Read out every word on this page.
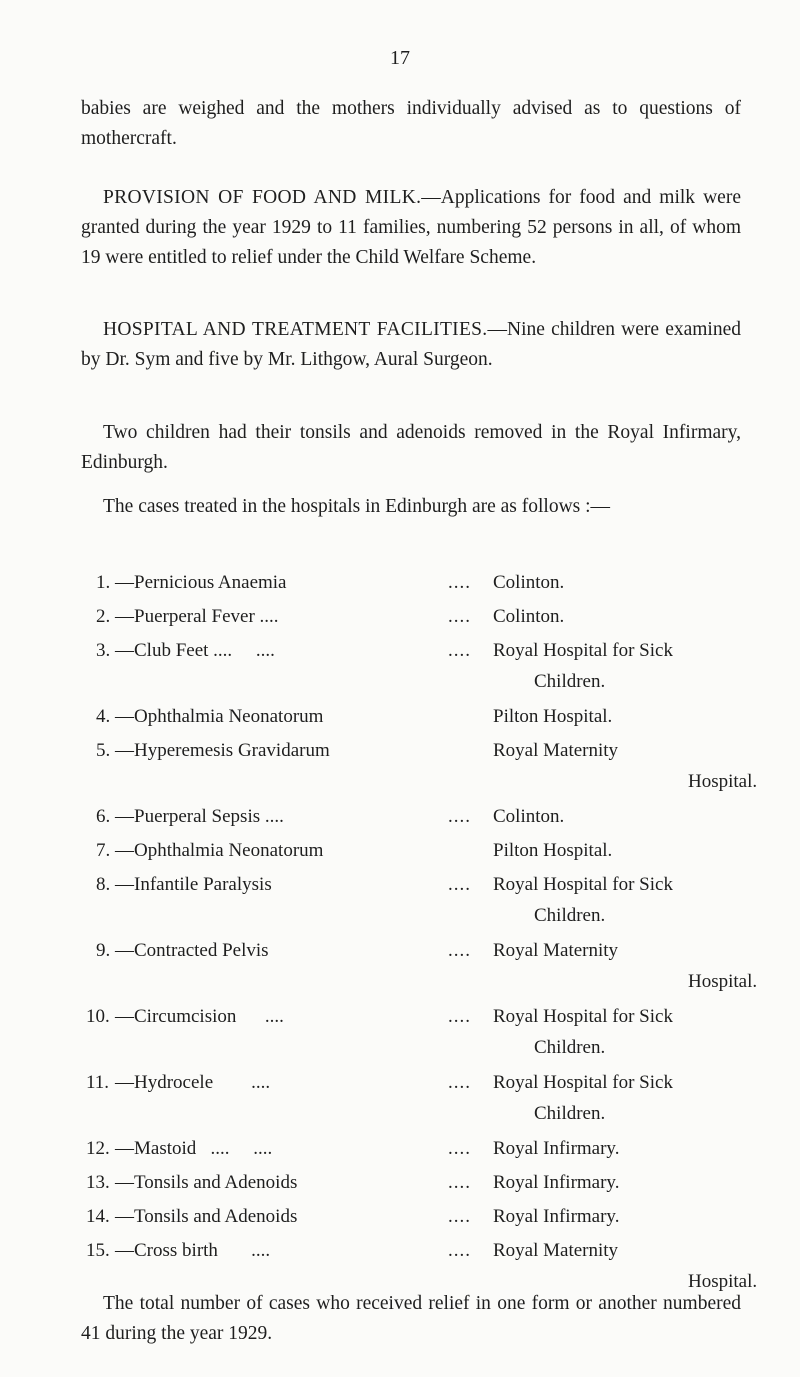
17

babies are weighed and the mothers individually advised as to questions of mothercraft.

PROVISION OF FOOD AND MILK.—Applications for food and milk were granted during the year 1929 to 11 families, numbering 52 persons in all, of whom 19 were entitled to relief under the Child Welfare Scheme.

HOSPITAL AND TREATMENT FACILITIES.—Nine children were examined by Dr. Sym and five by Mr. Lithgow, Aural Surgeon.

Two children had their tonsils and adenoids removed in the Royal Infirmary, Edinburgh.

The cases treated in the hospitals in Edinburgh are as follows :—

1. —Pernicious Anaemia	.... Colinton.
2. —Puerperal Fever ....	.... Colinton.
3. —Club Feet ....     ....	.... Royal Hospital for Sick
Children.
4. —Ophthalmia Neonatorum	Pilton Hospital.
5. —Hyperemesis Gravidarum	Royal Maternity
Hospital.
6. —Puerperal Sepsis ....	.... Colinton.
7. —Ophthalmia Neonatorum	Pilton Hospital.
8. —Infantile Paralysis	.... Royal Hospital for Sick
Children.
9. —Contracted Pelvis	.... Royal Maternity
Hospital.
10. —Circumcision      ....	.... Royal Hospital for Sick
Children.
11. —Hydrocele        ....	.... Royal Hospital for Sick
Children.
12. —Mastoid   ....     ....	.... Royal Infirmary.
13. —Tonsils and Adenoids	.... Royal Infirmary.
14. —Tonsils and Adenoids	.... Royal Infirmary.
15. —Cross birth       ....	.... Royal Maternity
Hospital.

The total number of cases who received relief in one form or another numbered 41 during the year 1929.
